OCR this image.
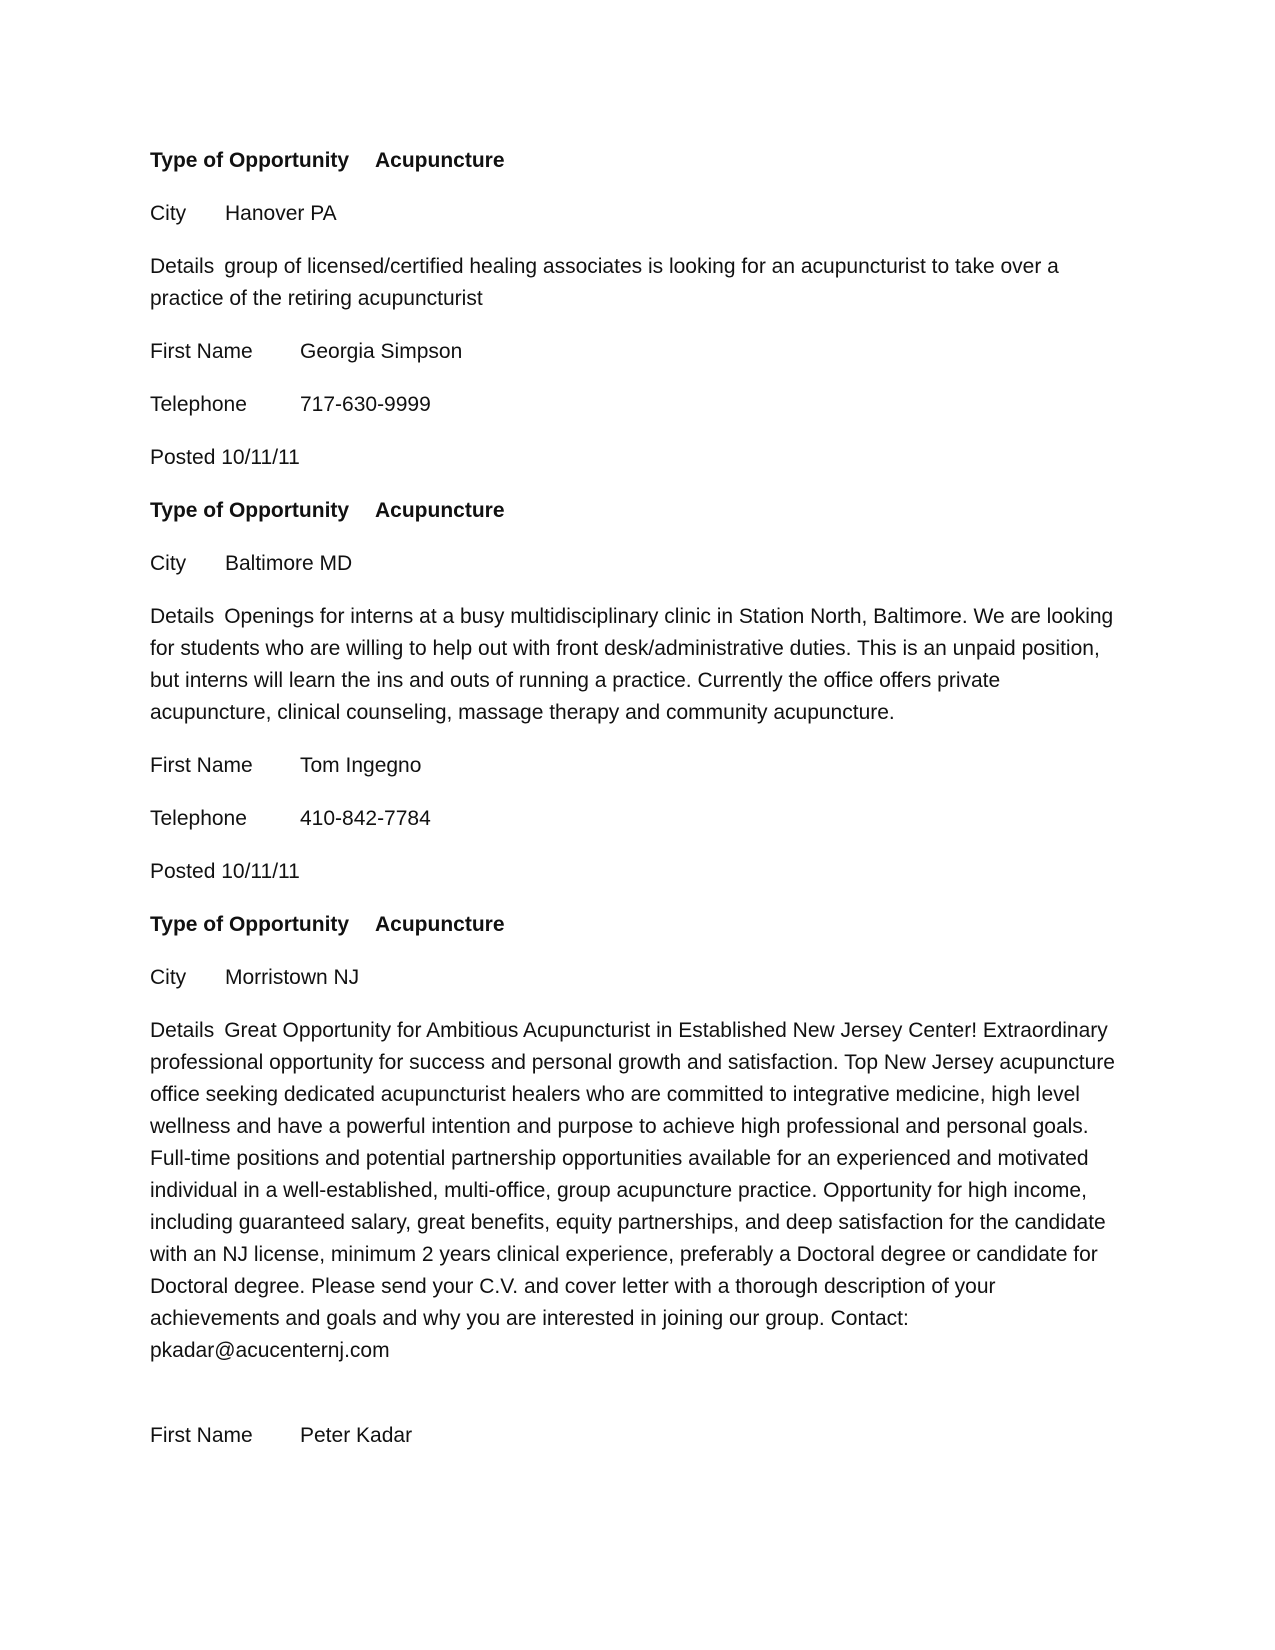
Type of Opportunity Acupuncture
City Hanover PA
Details group of licensed/certified healing associates is looking for an acupuncturist to take over a
practice of the retiring acupuncturist
First Name Georgia Simpson
Telephone	717-630-9999
Posted 10/11/11
Type of Opportunity Acupuncture
City Baltimore MD
Details Openings for interns at a busy multidisciplinary clinic in Station North, Baltimore. We are looking
for students who are willing to help out with front desk/administrative duties. This is an unpaid position,
but interns will learn the ins and outs of running a practice. Currently the office offers private
acupuncture, clinical counseling, massage therapy and community acupuncture.
First Name Tom Ingegno
Telephone	410-842-7784
Posted 10/11/11
Type of Opportunity Acupuncture
City Morristown NJ
Details Great Opportunity for Ambitious Acupuncturist in Established New Jersey Center! Extraordinary
professional opportunity for success and personal growth and satisfaction. Top New Jersey acupuncture
office seeking dedicated acupuncturist healers who are committed to integrative medicine, high level
wellness and have a powerful intention and purpose to achieve high professional and personal goals.
Full-time positions and potential partnership opportunities available for an experienced and motivated
individual in a well-established, multi-office, group acupuncture practice. Opportunity for high income,
including guaranteed salary, great benefits, equity partnerships, and deep satisfaction for the candidate
with an NJ license, minimum 2 years clinical experience, preferably a Doctoral degree or candidate for
Doctoral degree. Please send your C.V. and cover letter with a thorough description of your
achievements and goals and why you are interested in joining our group. Contact:
pkadar@acucenternj.com
First Name Peter Kadar
